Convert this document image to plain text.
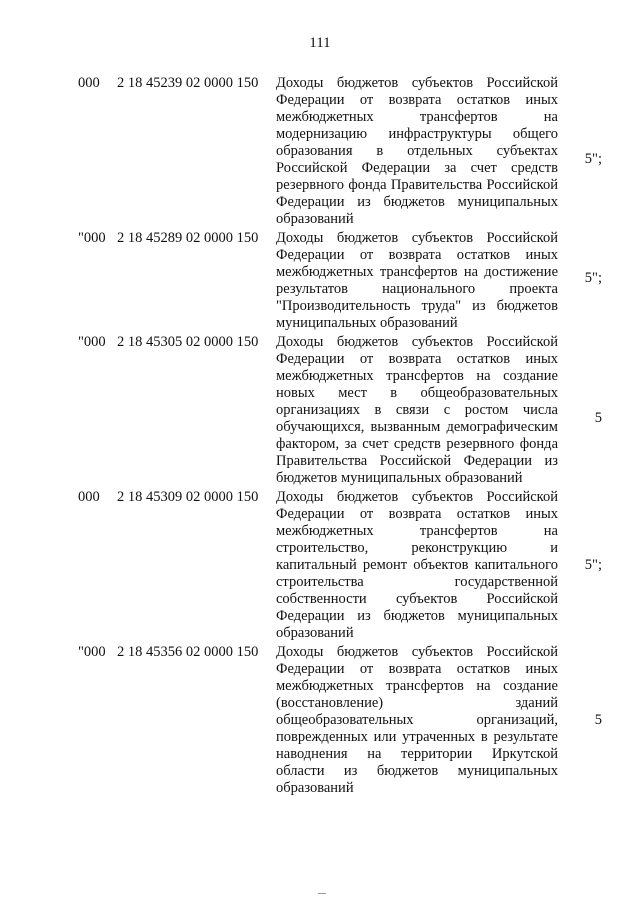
111
000 2 18 45239 02 0000 150 Доходы бюджетов субъектов Российской Федерации от возврата остатков иных межбюджетных трансфертов на модернизацию инфраструктуры общего образования в отдельных субъектах Российской Федерации за счет средств резервного фонда Правительства Российской Федерации из бюджетов муниципальных образований
5";
"000 2 18 45289 02 0000 150 Доходы бюджетов субъектов Российской Федерации от возврата остатков иных межбюджетных трансфертов на достижение результатов национального проекта "Производительность труда" из бюджетов муниципальных образований
5";
"000 2 18 45305 02 0000 150 Доходы бюджетов субъектов Российской Федерации от возврата остатков иных межбюджетных трансфертов на создание новых мест в общеобразовательных организациях в связи с ростом числа обучающихся, вызванным демографическим фактором, за счет средств резервного фонда Правительства Российской Федерации из бюджетов муниципальных образований
5
000 2 18 45309 02 0000 150 Доходы бюджетов субъектов Российской Федерации от возврата остатков иных межбюджетных трансфертов на строительство, реконструкцию и капитальный ремонт объектов капитального строительства государственной собственности субъектов Российской Федерации из бюджетов муниципальных образований
5";
"000 2 18 45356 02 0000 150 Доходы бюджетов субъектов Российской Федерации от возврата остатков иных межбюджетных трансфертов на создание (восстановление) зданий общеобразовательных организаций, поврежденных или утраченных в результате наводнения на территории Иркутской области из бюджетов муниципальных образований
5
